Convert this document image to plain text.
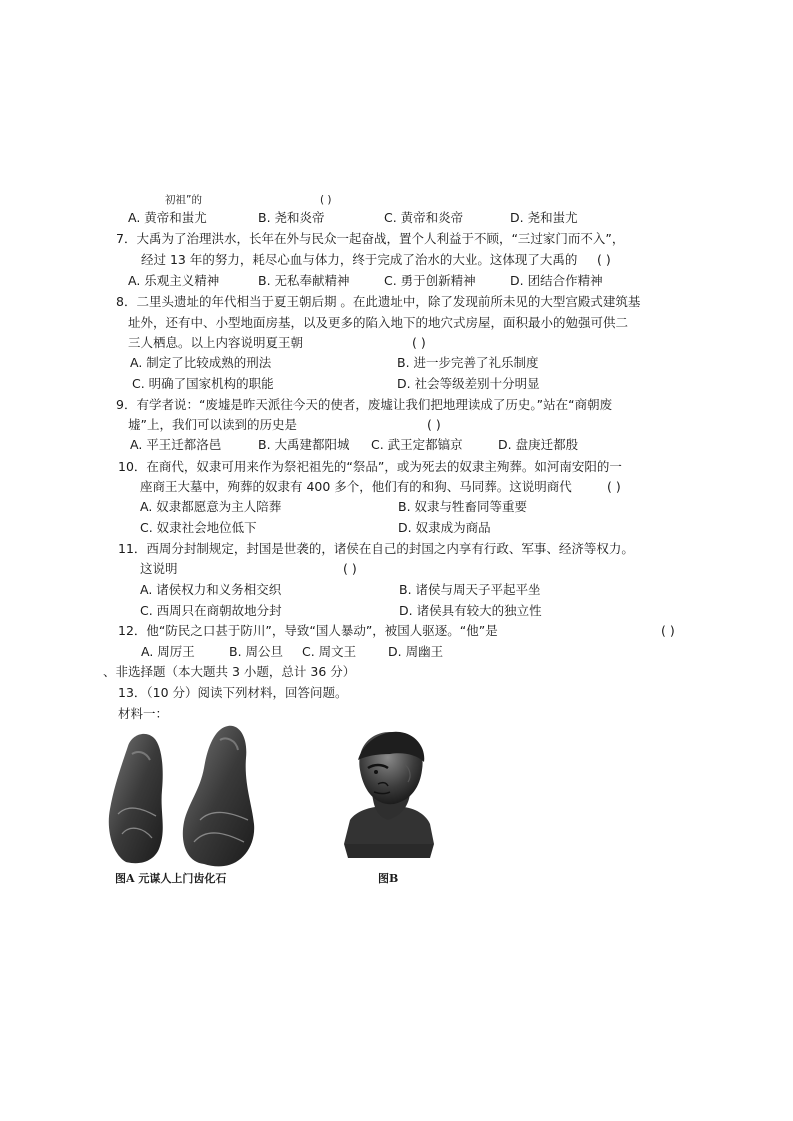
初祖”的	( )
A. 黄帝和蚩尤	B. 尧和炎帝	C. 黄帝和炎帝	D. 尧和蚩尤
7．大禹为了治理洪水，长年在外与民众一起奋战，置个人利益于不顾，“三过家门而不入”，
经过 13 年的努力，耗尽心血与体力，终于完成了治水的大业。这体现了大禹的 ( )
A. 乐观主义精神	B. 无私奉献精神	C. 勇于创新精神	D. 团结合作精神
8．二里头遗址的年代相当于夏王朝后期 。在此遗址中，除了发现前所未见的大型宫殿式建筑基
址外，还有中、小型地面房基，以及更多的陷入地下的地穴式房屋，面积最小的勉强可供二
三人栖息。以上内容说明夏王朝	( )
A. 制定了比较成熟的刑法	B. 进一步完善了礼乐制度
C. 明确了国家机构的职能	D. 社会等级差别十分明显
9．有学者说：“废墟是昨天派往今天的使者，废墟让我们把地理读成了历史。”站在“商朝废
墟”上，我们可以读到的历史是	( )
A. 平王迁都洛邑	B. 大禹建都阳城 C. 武王定都镐京	D. 盘庚迁都殷
10．在商代，奴隶可用来作为祭祀祖先的“祭品”，或为死去的奴隶主殉葬。如河南安阳的一
座商王大墓中，殉葬的奴隶有 400 多个，他们有的和狗、马同葬。这说明商代	( )
A. 奴隶都愿意为主人陪葬	B. 奴隶与牲畜同等重要
C. 奴隶社会地位低下	D. 奴隶成为商品
11．西周分封制规定，封国是世袭的，诸侯在自己的封国之内享有行政、军事、经济等权力。
这说明	( )
A. 诸侯权力和义务相交织	B. 诸侯与周天子平起平坐
C. 西周只在商朝故地分封	D. 诸侯具有较大的独立性
12．他“防民之口甚于防川”，导致“国人暴动”，被国人驱逐。“他”是	( )
A. 周厉王	B. 周公旦 C. 周文王	D. 周幽王
、非选择题（本大题共 3 小题，总计 36 分）
13．（10 分）阅读下列材料，回答问题。
材料一：
图A 元谋人上门齿化石	图B
